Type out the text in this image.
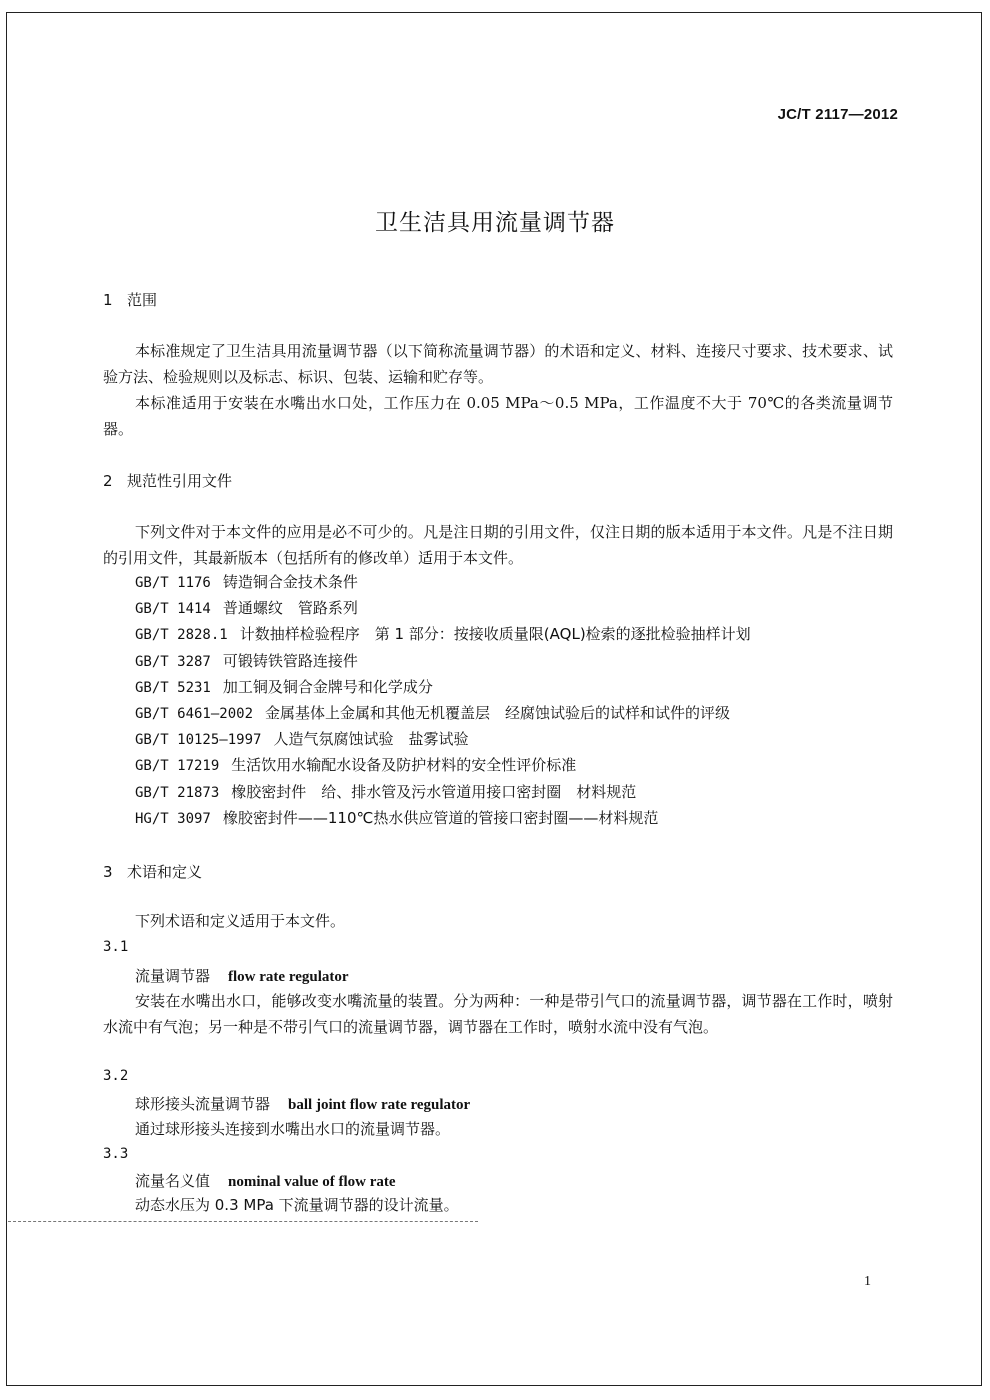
JC/T 2117—2012
卫生洁具用流量调节器
1 范围
本标准规定了卫生洁具用流量调节器（以下简称流量调节器）的术语和定义、材料、连接尺寸要求、技术要求、试验方法、检验规则以及标志、标识、包装、运输和贮存等。
本标准适用于安装在水嘴出水口处，工作压力在 0.05 MPa～0.5 MPa，工作温度不大于 70℃的各类流量调节器。
2 规范性引用文件
下列文件对于本文件的应用是必不可少的。凡是注日期的引用文件，仅注日期的版本适用于本文件。凡是不注日期的引用文件，其最新版本（包括所有的修改单）适用于本文件。
GB/T 1176 铸造铜合金技术条件
GB/T 1414 普通螺纹　管路系列
GB/T 2828.1 计数抽样检验程序　第 1 部分：按接收质量限(AQL)检索的逐批检验抽样计划
GB/T 3287 可锻铸铁管路连接件
GB/T 5231 加工铜及铜合金牌号和化学成分
GB/T 6461—2002 金属基体上金属和其他无机覆盖层　经腐蚀试验后的试样和试件的评级
GB/T 10125—1997 人造气氛腐蚀试验　盐雾试验
GB/T 17219 生活饮用水输配水设备及防护材料的安全性评价标准
GB/T 21873 橡胶密封件　给、排水管及污水管道用接口密封圈　材料规范
HG/T 3097 橡胶密封件——110℃热水供应管道的管接口密封圈——材料规范
3 术语和定义
下列术语和定义适用于本文件。
3.1
流量调节器 flow rate regulator
安装在水嘴出水口，能够改变水嘴流量的装置。分为两种：一种是带引气口的流量调节器，调节器在工作时，喷射水流中有气泡；另一种是不带引气口的流量调节器，调节器在工作时，喷射水流中没有气泡。
3.2
球形接头流量调节器 ball joint flow rate regulator
通过球形接头连接到水嘴出水口的流量调节器。
3.3
流量名义值 nominal value of flow rate
动态水压为 0.3 MPa 下流量调节器的设计流量。
1
